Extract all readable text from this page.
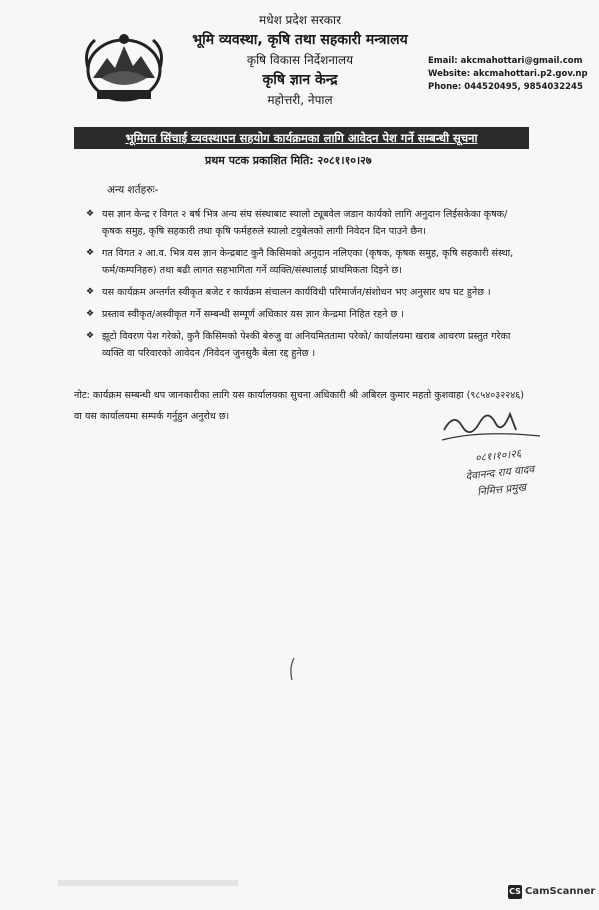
मधेश प्रदेश सरकार
भूमि व्यवस्था, कृषि तथा सहकारी मन्त्रालय
कृषि विकास निर्देशनालय
कृषि ज्ञान केन्द्र
महोत्तरी, नेपाल
Email: akcmahottari@gmail.com
Website: akcmahottari.p2.gov.np
Phone: 044520495, 9854032245
भूमिगत सिंचाई व्यवस्थापन सहयोग कार्यक्रमका लागि आवेदन पेश गर्ने सम्बन्धी सूचना
प्रथम पटक प्रकाशित मिति: २०८१।१०।२७
अन्य शर्तहरुः-
❖ यस ज्ञान केन्द्र र विगत २ बर्ष भित्र अन्य संघ संस्थाबाट स्यालो ट्यूबवेल जडान कार्यको लागि अनुदान लिईसकेका कृषक/ कृषक समुह, कृषि सहकारी तथा कृषि फर्महरुले स्यालो टयुबेलको लागी निवेदन दिन पाउने छैन।
❖ गत विगत २ आ.व. भित्र यस ज्ञान केन्द्रबाट कुनै किसिमको अनुदान नलिएका (कृषक, कृषक समुह, कृषि सहकारी संस्था, फर्म/कम्पनिहरु) तथा बढी लागत सहभागिता गर्ने व्यक्ति/संस्थालाई प्राथमिकता दिइने छ।
❖ यस कार्यक्रम अन्तर्गत स्वीकृत बजेट र कार्यक्रम संचालन कार्यविधी परिमार्जन/संशोधन भए अनुसार थप घट हुनेछ ।
❖ प्रस्ताव स्वीकृत/अस्वीकृत गर्ने सम्बन्धी सम्पूर्ण अधिकार यस ज्ञान केन्द्रमा निहित रहने छ ।
❖ झूटो विवरण पेश गरेको, कुनै किसिमको पेश्की बेरुजु वा अनियमिततामा परेको/ कार्यालयमा खराब आचरण प्रस्तुत गरेका व्यक्ति वा परिवारको आवेदन /निवेदन जुनसुकै बेला रद्द हुनेछ ।
नोट: कार्यक्रम सम्बन्धी थप जानकारीका लागि यस कार्यालयका सुचना अधिकारी श्री अबिरल कुमार महतो कुशवाहा (९८५४०३२२४६) वा यस कार्यालयमा सम्पर्क गर्नुहुन अनुरोध छ।
०८१।१०।२६
देवानन्द राय यादव
निमित्त प्रमुख
CS CamScanner
